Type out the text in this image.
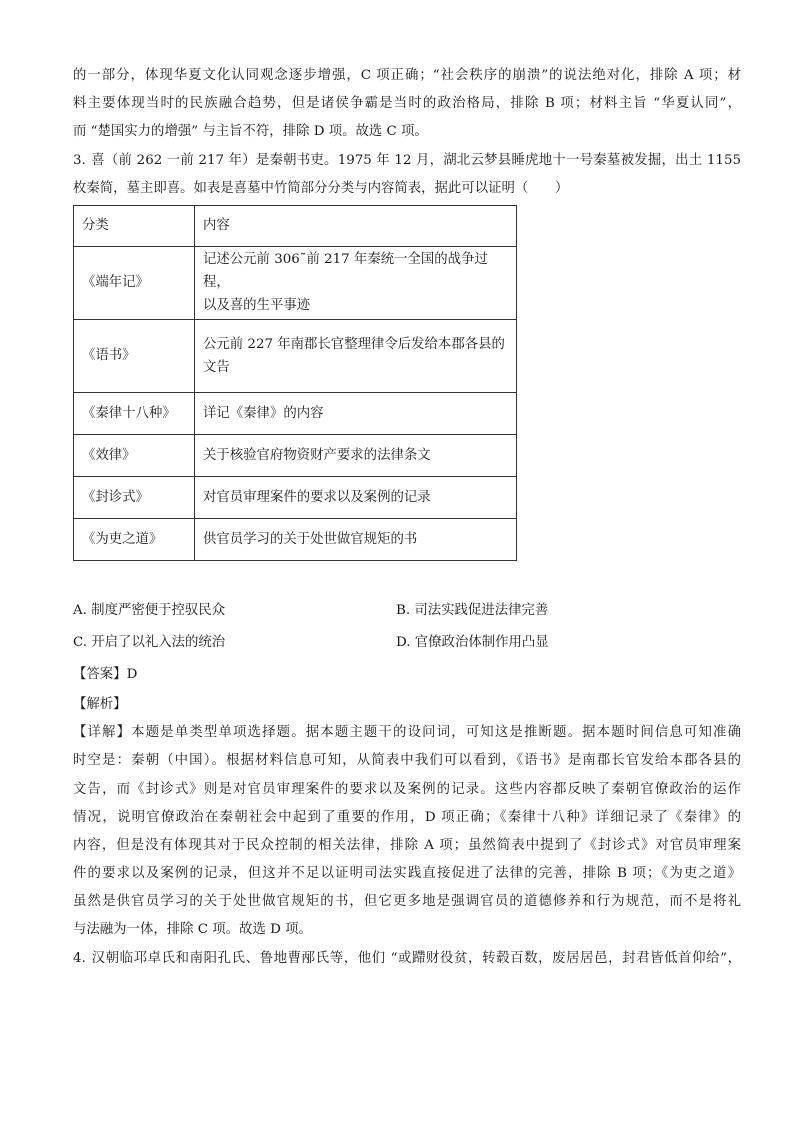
的一部分，体现华夏文化认同观念逐步增强，C 项正确；“社会秩序的崩溃”的说法绝对化，排除 A 项；材
料主要体现当时的民族融合趋势，但是诸侯争霸是当时的政治格局，排除 B 项；材料主旨 “华夏认同”，
而 “楚国实力的增强” 与主旨不符，排除 D 项。故选 C 项。
3. 喜（前 262 一前 217 年）是秦朝书吏。1975 年 12 月，湖北云梦县睡虎地十一号秦墓被发掘，出土 1155
枚秦简，墓主即喜。如表是喜墓中竹简部分分类与内容简表，据此可以证明（　　）
分类	内容
《端年记》	记述公元前 306˜前 217 年秦统一全国的战争过程，
以及喜的生平事迹

《语书》	公元前 227 年南郡长官整理律令后发给本郡各县的
文告

《秦律十八种》	详记《秦律》的内容
《效律》	关于核验官府物资财产要求的法律条文
《封诊式》	对官员审理案件的要求以及案例的记录
《为吏之道》	供官员学习的关于处世做官规矩的书
A. 制度严密便于控驭民众	B. 司法实践促进法律完善
C. 开启了以礼入法的统治	D. 官僚政治体制作用凸显
【答案】D
【解析】
【详解】本题是单类型单项选择题。据本题主题干的设问词，可知这是推断题。据本题时间信息可知准确
时空是：秦朝（中国）。根据材料信息可知，从简表中我们可以看到，《语书》是南郡长官发给本郡各县的
文告，而《封诊式》则是对官员审理案件的要求以及案例的记录。这些内容都反映了秦朝官僚政治的运作
情况，说明官僚政治在秦朝社会中起到了重要的作用，D 项正确；《秦律十八种》详细记录了《秦律》的
内容，但是没有体现其对于民众控制的相关法律，排除 A 项；虽然简表中提到了《封诊式》对官员审理案
件的要求以及案例的记录，但这并不足以证明司法实践直接促进了法律的完善，排除 B 项；《为吏之道》
虽然是供官员学习的关于处世做官规矩的书，但它更多地是强调官员的道德修养和行为规范，而不是将礼
与法融为一体，排除 C 项。故选 D 项。
4. 汉朝临邛卓氏和南阳孔氏、鲁地曹邴氏等，他们 “或蹛财役贫，转毂百数，废居居邑，封君皆低首仰给”，
